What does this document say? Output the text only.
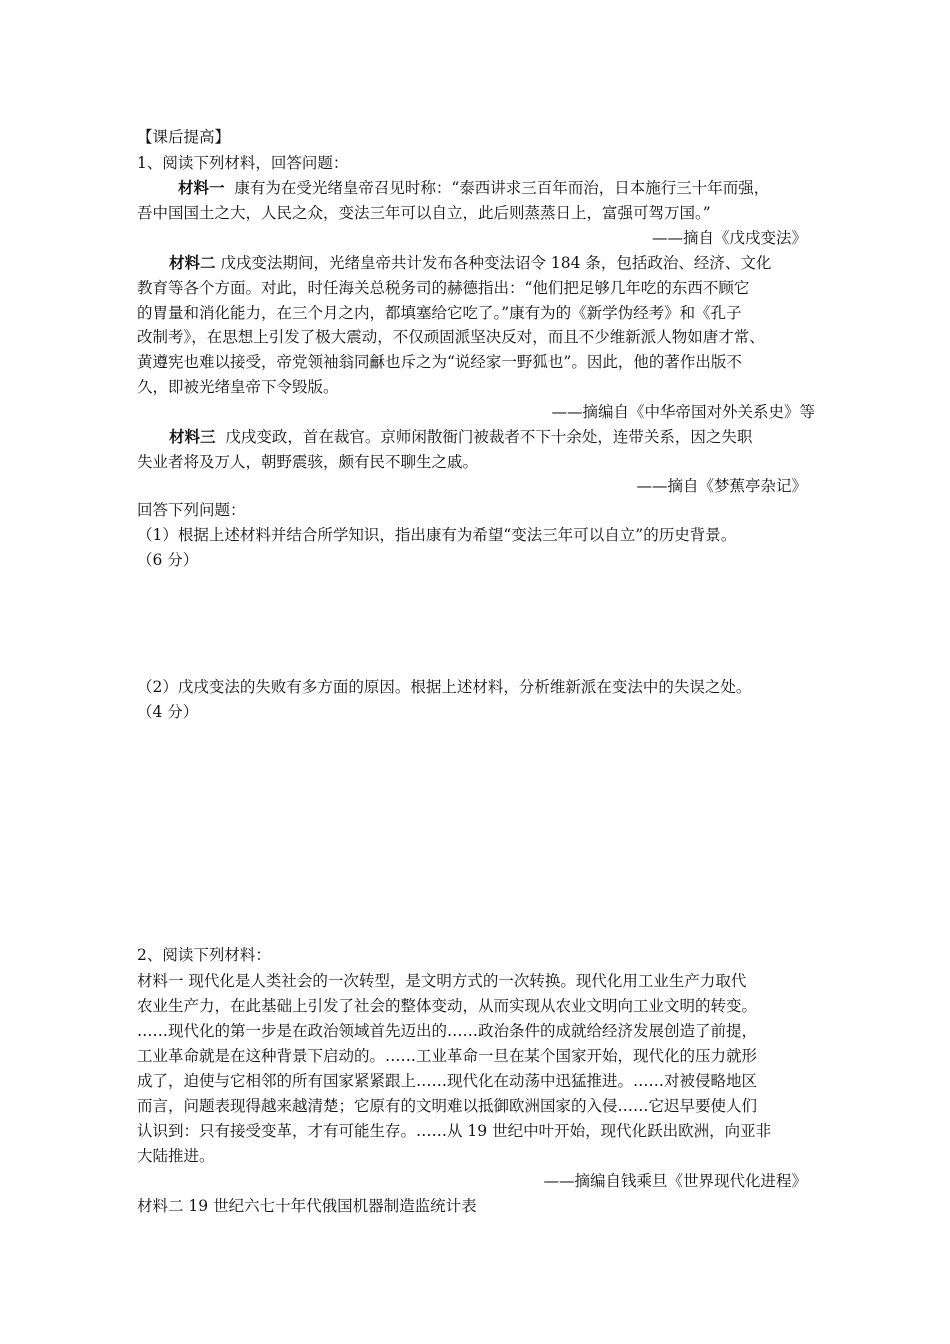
【课后提高】
1、阅读下列材料，回答问题：
材料一 康有为在受光绪皇帝召见时称：“泰西讲求三百年而治，日本施行三十年而强，
吾中国国土之大，人民之众，变法三年可以自立，此后则蒸蒸日上，富强可驾万国。”
——摘自《戊戌变法》
材料二 戊戌变法期间，光绪皇帝共计发布各种变法诏令 184 条，包括政治、经济、文化
教育等各个方面。对此，时任海关总税务司的赫德指出：“他们把足够几年吃的东西不顾它
的胃量和消化能力，在三个月之内，都填塞给它吃了。”康有为的《新学伪经考》和《孔子
改制考》，在思想上引发了极大震动，不仅顽固派坚决反对，而且不少维新派人物如唐才常、
黄遵宪也难以接受，帝党领袖翁同龢也斥之为“说经家一野狐也”。因此，他的著作出版不
久，即被光绪皇帝下令毁版。
——摘编自《中华帝国对外关系史》等
材料三 戊戌变政，首在裁官。京师闲散衙门被裁者不下十余处，连带关系，因之失职
失业者将及万人，朝野震骇，颇有民不聊生之戚。
——摘自《梦蕉亭杂记》
回答下列问题：
（1）根据上述材料并结合所学知识，指出康有为希望“变法三年可以自立”的历史背景。
（6 分）
（2）戊戌变法的失败有多方面的原因。根据上述材料，分析维新派在变法中的失误之处。
（4 分）
2、阅读下列材料：
材料一 现代化是人类社会的一次转型，是文明方式的一次转换。现代化用工业生产力取代
农业生产力，在此基础上引发了社会的整体变动，从而实现从农业文明向工业文明的转变。
……现代化的第一步是在政治领域首先迈出的……政治条件的成就给经济发展创造了前提，
工业革命就是在这种背景下启动的。……工业革命一旦在某个国家开始，现代化的压力就形
成了，迫使与它相邻的所有国家紧紧跟上……现代化在动荡中迅猛推进。……对被侵略地区
而言，问题表现得越来越清楚；它原有的文明难以抵御欧洲国家的入侵……它迟早要使人们
认识到：只有接受变革，才有可能生存。……从 19 世纪中叶开始，现代化跃出欧洲，向亚非
大陆推进。
——摘编自钱乘旦《世界现代化进程》
材料二 19 世纪六七十年代俄国机器制造监统计表
